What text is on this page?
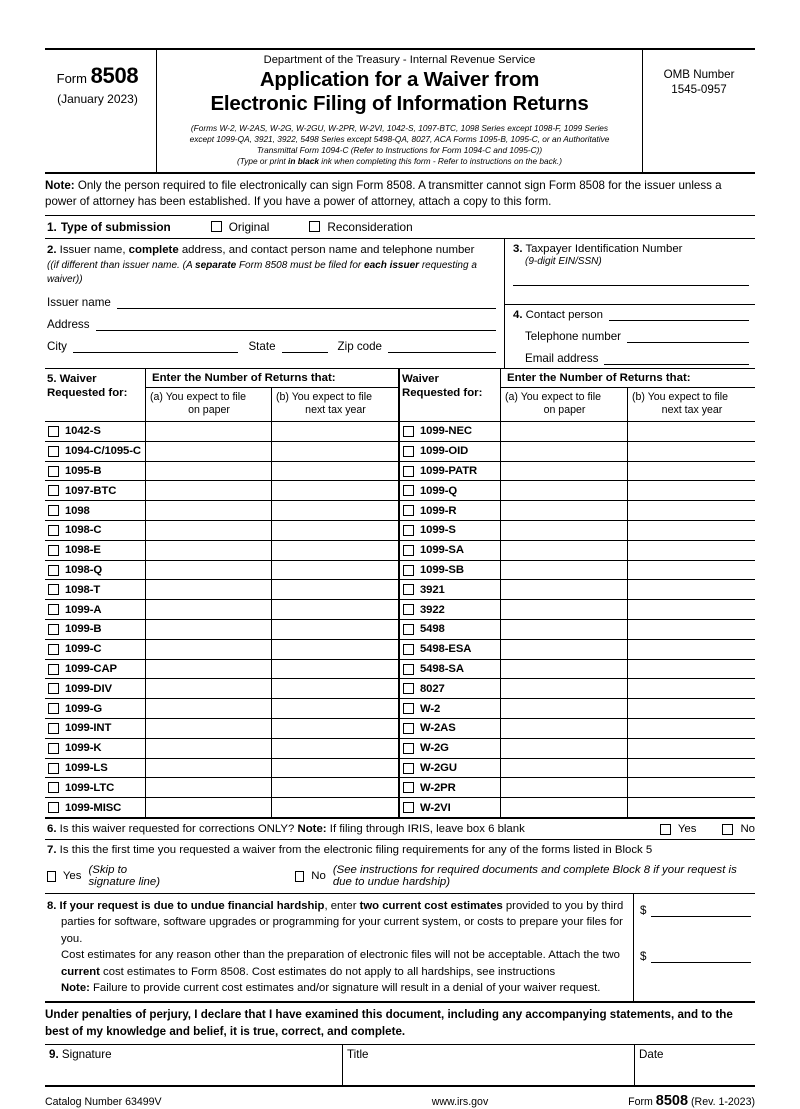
Form 8508
(January 2023)
Department of the Treasury - Internal Revenue Service
Application for a Waiver from
Electronic Filing of Information Returns
(Forms W-2, W-2AS, W-2G, W-2GU, W-2PR, W-2VI, 1042-S, 1097-BTC, 1098 Series except 1098-F, 1099 Series
except 1099-QA, 3921, 3922, 5498 Series except 5498-QA, 8027, ACA Forms 1095-B, 1095-C, or an Authoritative
Transmittal Form 1094-C (Refer to Instructions for Form 1094-C and 1095-C))
(Type or print in black ink when completing this form - Refer to instructions on the back.)
OMB Number
1545-0957
Note: Only the person required to file electronically can sign Form 8508. A transmitter cannot sign Form 8508 for the issuer unless a power of attorney has been established. If you have a power of attorney, attach a copy to this form.
1. Type of submission	Original	Reconsideration
2. Issuer name, complete address, and contact person name and telephone number
((if different than issuer name. (A separate Form 8508 must be filed for each issuer requesting a waiver))
Issuer name
Address
City	State	Zip code
3. Taxpayer Identification Number
(9-digit EIN/SSN)
4. Contact person
Telephone number
Email address
5. Waiver Requested for:
Enter the Number of Returns that:
(a) You expect to file
on paper
(b) You expect to file
next tax year
1042-S
1094-C/1095-C
1095-B
1097-BTC
1098
1098-C
1098-E
1098-Q
1098-T
1099-A
1099-B
1099-C
1099-CAP
1099-DIV
1099-G
1099-INT
1099-K
1099-LS
1099-LTC
1099-MISC
Waiver Requested for:
Enter the Number of Returns that:
(a) You expect to file
on paper
(b) You expect to file
next tax year
1099-NEC
1099-OID
1099-PATR
1099-Q
1099-R
1099-S
1099-SA
1099-SB
3921
3922
5498
5498-ESA
5498-SA
8027
W-2
W-2AS
W-2G
W-2GU
W-2PR
W-2VI
6. Is this waiver requested for corrections ONLY? Note: If filing through IRIS, leave box 6 blank	Yes	No
7. Is this the first time you requested a waiver from the electronic filing requirements for any of the forms listed in Block 5
Yes (Skip to signature line)	No (See instructions for required documents and complete Block 8 if your request is due to undue hardship)
8. If your request is due to undue financial hardship, enter two current cost estimates provided to you by third
parties for software, software upgrades or programming for your current system, or costs to prepare your files for you.
Cost estimates for any reason other than the preparation of electronic files will not be acceptable. Attach the two
current cost estimates to Form 8508. Cost estimates do not apply to all hardships, see instructions
Note: Failure to provide current cost estimates and/or signature will result in a denial of your waiver request.
$
$
Under penalties of perjury, I declare that I have examined this document, including any accompanying statements, and to the best of my knowledge and belief, it is true, correct, and complete.
9. Signature	Title	Date
Catalog Number 63499V	www.irs.gov	Form 8508 (Rev. 1-2023)
